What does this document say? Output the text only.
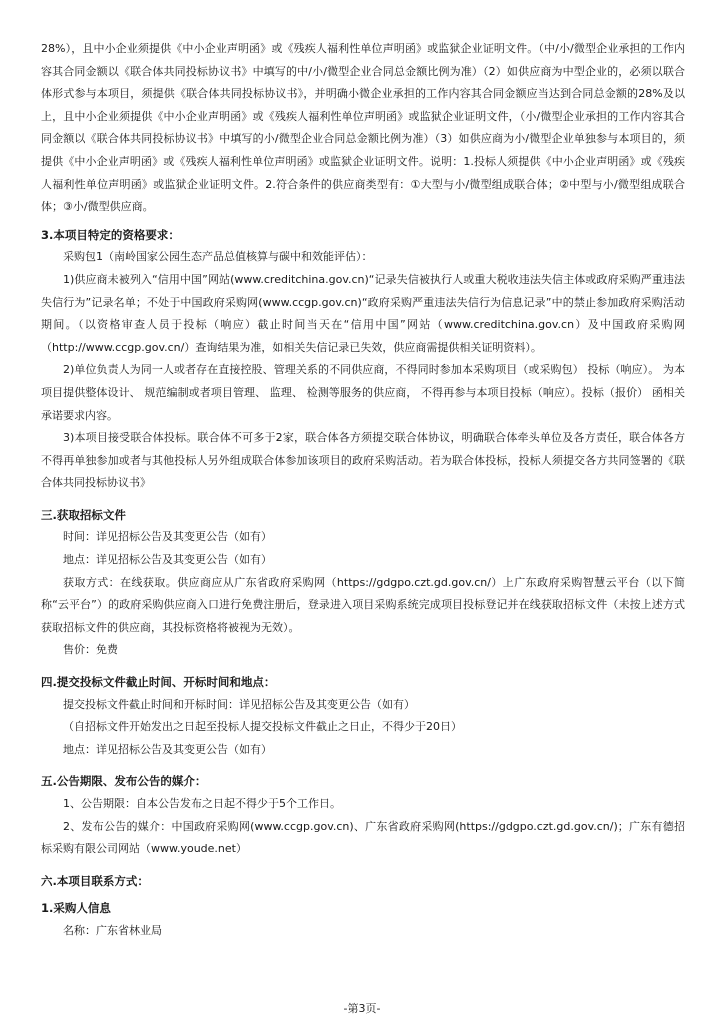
28%），且中小企业须提供《中小企业声明函》或《残疾人福利性单位声明函》或监狱企业证明文件。（中/小/微型企业承担的工作内容其合同金额以《联合体共同投标协议书》中填写的中/小/微型企业合同总金额比例为准）（2）如供应商为中型企业的，必须以联合体形式参与本项目，须提供《联合体共同投标协议书》，并明确小微企业承担的工作内容其合同金额应当达到合同总金额的28%及以上，且中小企业须提供《中小企业声明函》或《残疾人福利性单位声明函》或监狱企业证明文件，（小/微型企业承担的工作内容其合同金额以《联合体共同投标协议书》中填写的小/微型企业合同总金额比例为准）（3）如供应商为小/微型企业单独参与本项目的，须提供《中小企业声明函》或《残疾人福利性单位声明函》或监狱企业证明文件。说明：1.投标人须提供《中小企业声明函》或《残疾人福利性单位声明函》或监狱企业证明文件。2.符合条件的供应商类型有：①大型与小/微型组成联合体；②中型与小/微型组成联合体；③小/微型供应商。

3.本项目特定的资格要求：

采购包1（南岭国家公园生态产品总值核算与碳中和效能评估）：

1)供应商未被列入“信用中国”网站(www.creditchina.gov.cn)“记录失信被执行人或重大税收违法失信主体或政府采购严重违法失信行为”记录名单；不处于中国政府采购网(www.ccgp.gov.cn)“政府采购严重违法失信行为信息记录”中的禁止参加政府采购活动期间。（以资格审查人员于投标（响应）截止时间当天在“信用中国”网站（www.creditchina.gov.cn）及中国政府采购网（http://www.ccgp.gov.cn/）查询结果为准，如相关失信记录已失效，供应商需提供相关证明资料）。

2)单位负责人为同一人或者存在直接控股、管理关系的不同供应商，不得同时参加本采购项目（或采购包） 投标（响应）。 为本项目提供整体设计、 规范编制或者项目管理、 监理、 检测等服务的供应商， 不得再参与本项目投标（响应）。投标（报价） 函相关承诺要求内容。

3)本项目接受联合体投标。联合体不可多于2家，联合体各方须提交联合体协议，明确联合体牵头单位及各方责任，联合体各方不得再单独参加或者与其他投标人另外组成联合体参加该项目的政府采购活动。若为联合体投标，投标人须提交各方共同签署的《联合体共同投标协议书》

三.获取招标文件

时间：详见招标公告及其变更公告（如有）

地点：详见招标公告及其变更公告（如有）

获取方式：在线获取。供应商应从广东省政府采购网（https://gdgpo.czt.gd.gov.cn/）上广东政府采购智慧云平台（以下简称“云平台”）的政府采购供应商入口进行免费注册后，登录进入项目采购系统完成项目投标登记并在线获取招标文件（未按上述方式获取招标文件的供应商，其投标资格将被视为无效）。

售价：免费

四.提交投标文件截止时间、开标时间和地点：

提交投标文件截止时间和开标时间：详见招标公告及其变更公告（如有）

（自招标文件开始发出之日起至投标人提交投标文件截止之日止，不得少于20日）

地点：详见招标公告及其变更公告（如有）

五.公告期限、发布公告的媒介：

1、公告期限：自本公告发布之日起不得少于5个工作日。

2、发布公告的媒介：中国政府采购网(www.ccgp.gov.cn)、广东省政府采购网(https://gdgpo.czt.gd.gov.cn/)；广东有德招标采购有限公司网站（www.youde.net）

六.本项目联系方式：

1.采购人信息

名称：广东省林业局

-第3页-
